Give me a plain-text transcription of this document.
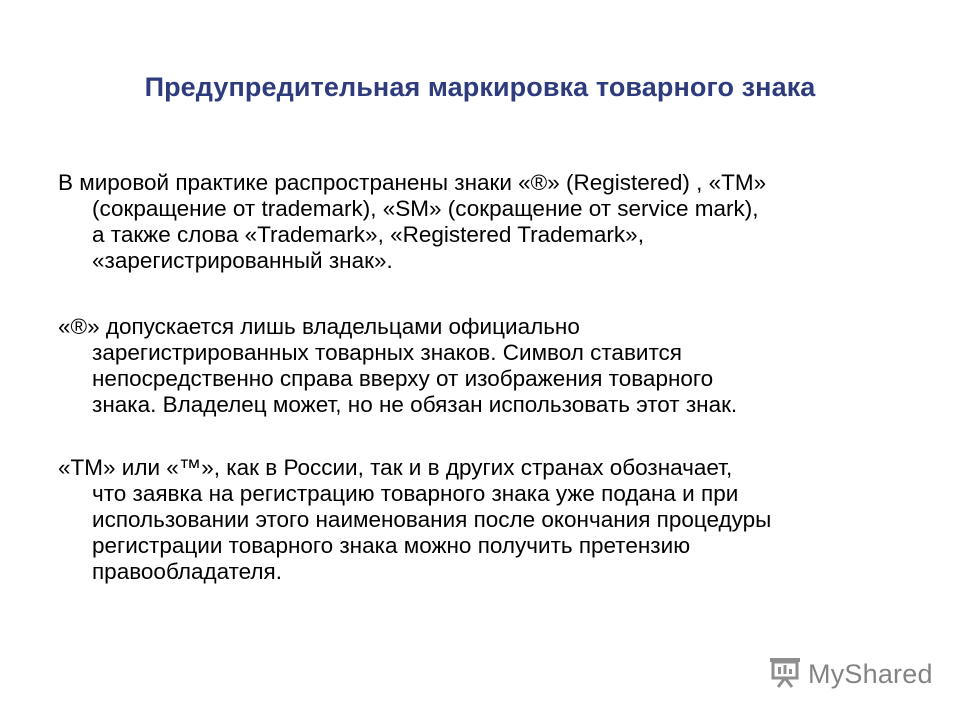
Предупредительная маркировка товарного знака
В мировой практике распространены знаки «®» (Registered) , «TM»
(сокращение от trademark), «SM» (сокращение от service mark),
а также слова «Trademark», «Registered Trademark»,
«зарегистрированный знак».
«®» допускается лишь владельцами официально
зарегистрированных товарных знаков. Символ ставится
непосредственно справа вверху от изображения товарного
знака. Владелец может, но не обязан использовать этот знак.
«TM» или «™», как в России, так и в других странах обозначает,
что заявка на регистрацию товарного знака уже подана и при
использовании этого наименования после окончания процедуры
регистрации товарного знака можно получить претензию
правообладателя.
MyShared
